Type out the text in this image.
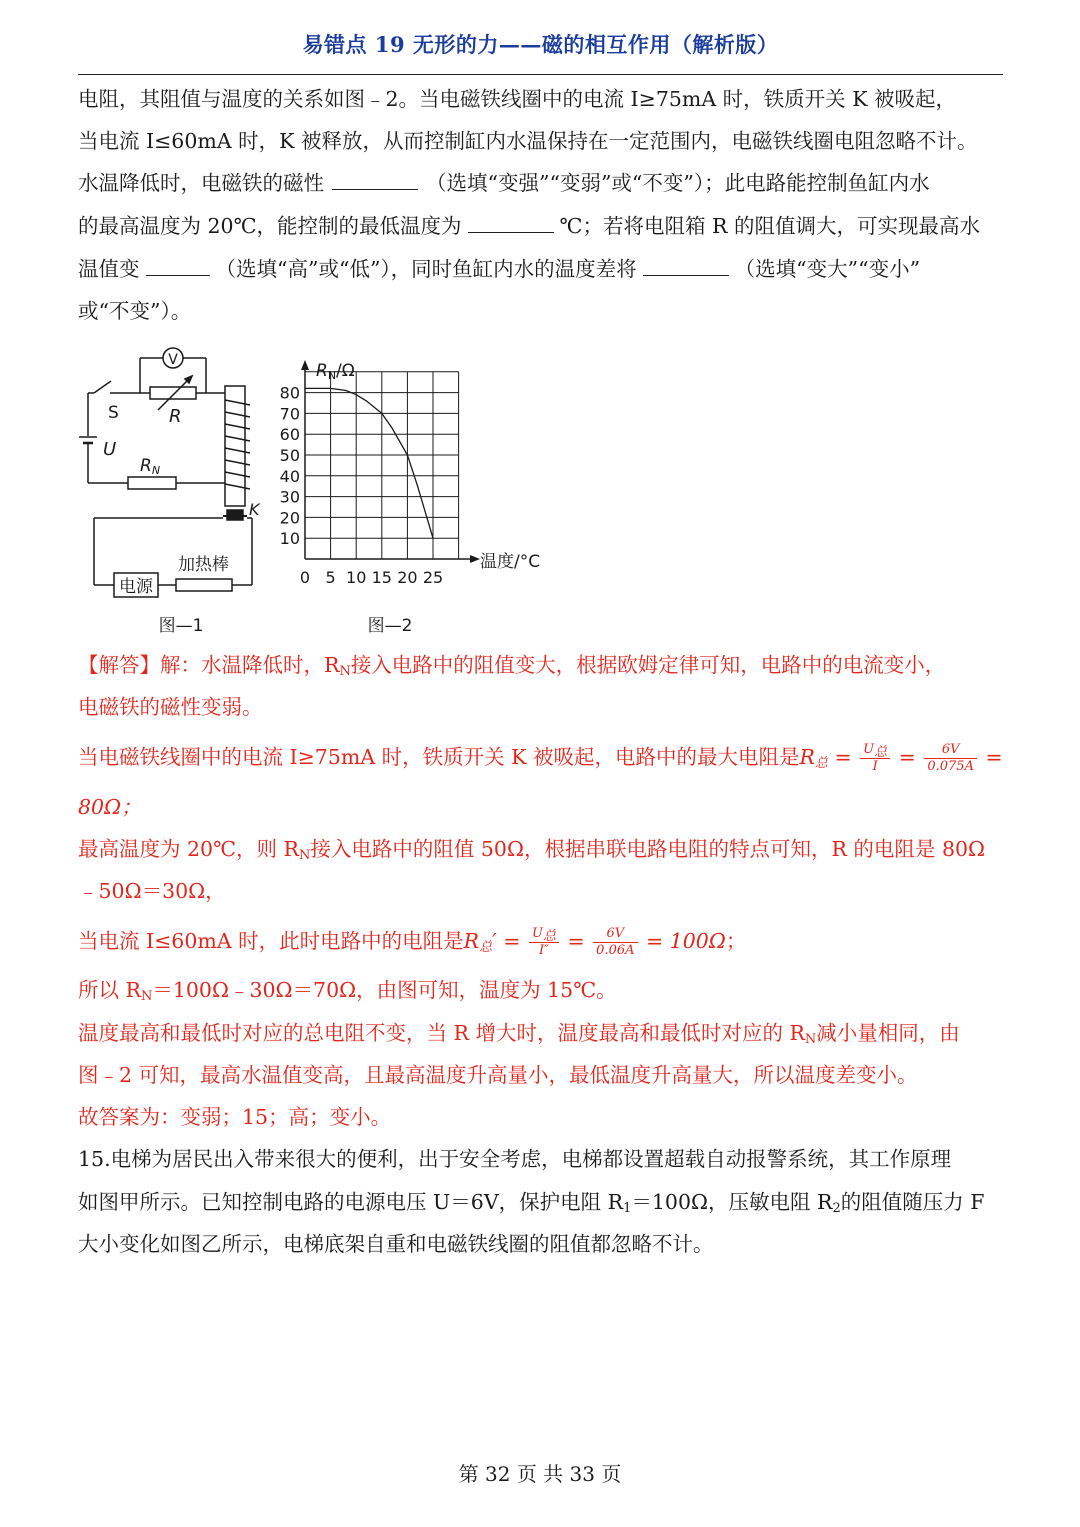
易错点 19 无形的力——磁的相互作用（解析版）
电阻，其阻值与温度的关系如图﹣2。当电磁铁线圈中的电流 I≥75mA 时，铁质开关 K 被吸起，
当电流 I≤60mA 时，K 被释放，从而控制缸内水温保持在一定范围内，电磁铁线圈电阻忽略不计。
水温降低时，电磁铁的磁性	（选填“变强”“变弱”或“不变”）；此电路能控制鱼缸内水
的最高温度为 20℃，能控制的最低温度为	℃；若将电阻箱 R 的阻值调大，可实现最高水
温值变	（选填“高”或“低”），同时鱼缸内水的温度差将	（选填“变大”“变小”
或“不变”）。
V
S	R
U
RN
K
加热棒
电源
图—1
RN/Ω
温度/°C
0 5 10 15 20 25
10
20
30
40
50
60
70
80
图—2
【解答】解：水温降低时，$R_N$接入电路中的阻值变大，根据欧姆定律可知，电路中的电流变小，
电磁铁的磁性变弱。
当电磁铁线圈中的电流 I≥75mA 时，铁质开关 K 被吸起，电路中的最大电阻是$R_总 = \frac{U_总}{I} = \frac{6V}{0.075A}$ =
80Ω；
最高温度为 20℃，则 $R_N$接入电路中的阻值 50Ω，根据串联电路电阻的特点可知，R 的电阻是 80Ω
﹣50Ω＝30Ω，
当电流 I≤60mA 时，此时电路中的电阻是$R_总' = \frac{U_总}{I''} = \frac{6V}{0.06A} = 100\Omega$；
所以 $R_N=100\Omega﹣30\Omega=70\Omega$，由图可知，温度为 15℃。
温度最高和最低时对应的总电阻不变，当 R 增大时，温度最高和最低时对应的 $R_N$减小量相同，由
图﹣2 可知，最高水温值变高，且最高温度升高量小，最低温度升高量大，所以温度差变小。
故答案为：变弱；15；高；变小。
15.电梯为居民出入带来很大的便利，出于安全考虑，电梯都设置超载自动报警系统，其工作原理
如图甲所示。已知控制电路的电源电压 U＝6V，保护电阻 $R_1=100\Omega$，压敏电阻 $R_2$的阻值随压力 F
大小变化如图乙所示，电梯底架自重和电磁铁线圈的阻值都忽略不计。
第 32 页 共 33 页
